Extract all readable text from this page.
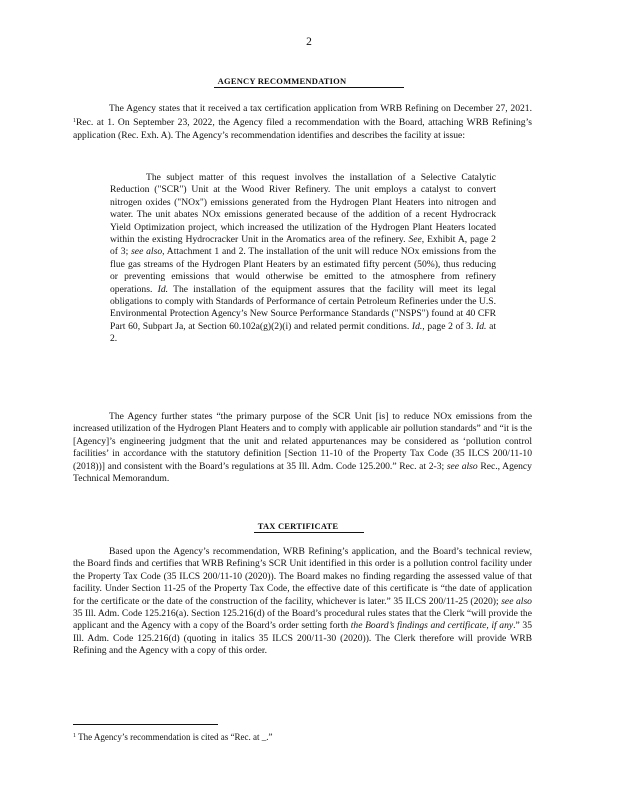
2
AGENCY RECOMMENDATION
The Agency states that it received a tax certification application from WRB Refining on December 27, 2021. $^1$Rec. at 1. On September 23, 2022, the Agency filed a recommendation with the Board, attaching WRB Refining’s application (Rec. Exh. A). The Agency’s recommendation identifies and describes the facility at issue:
The subject matter of this request involves the installation of a Selective Catalytic Reduction ("SCR") Unit at the Wood River Refinery. The unit employs a catalyst to convert nitrogen oxides ("NOx") emissions generated from the Hydrogen Plant Heaters into nitrogen and water. The unit abates NOx emissions generated because of the addition of a recent Hydrocrack Yield Optimization project, which increased the utilization of the Hydrogen Plant Heaters located within the existing Hydrocracker Unit in the Aromatics area of the refinery. See, Exhibit A, page 2 of 3; see also, Attachment 1 and 2. The installation of the unit will reduce NOx emissions from the flue gas streams of the Hydrogen Plant Heaters by an estimated fifty percent (50%), thus reducing or preventing emissions that would otherwise be emitted to the atmosphere from refinery operations. Id. The installation of the equipment assures that the facility will meet its legal obligations to comply with Standards of Performance of certain Petroleum Refineries under the U.S. Environmental Protection Agency’s New Source Performance Standards ("NSPS") found at 40 CFR Part 60, Subpart Ja, at Section 60.102a(g)(2)(i) and related permit conditions. Id., page 2 of 3. Id. at 2.
The Agency further states “the primary purpose of the SCR Unit [is] to reduce NOx emissions from the increased utilization of the Hydrogen Plant Heaters and to comply with applicable air pollution standards” and “it is the [Agency]’s engineering judgment that the unit and related appurtenances may be considered as ‘pollution control facilities’ in accordance with the statutory definition [Section 11-10 of the Property Tax Code (35 ILCS 200/11-10 (2018))] and consistent with the Board’s regulations at 35 Ill. Adm. Code 125.200.” Rec. at 2-3; see also Rec., Agency Technical Memorandum.
TAX CERTIFICATE
Based upon the Agency’s recommendation, WRB Refining’s application, and the Board’s technical review, the Board finds and certifies that WRB Refining’s SCR Unit identified in this order is a pollution control facility under the Property Tax Code (35 ILCS 200/11-10 (2020)). The Board makes no finding regarding the assessed value of that facility. Under Section 11-25 of the Property Tax Code, the effective date of this certificate is “the date of application for the certificate or the date of the construction of the facility, whichever is later.” 35 ILCS 200/11-25 (2020); see also 35 Ill. Adm. Code 125.216(a). Section 125.216(d) of the Board’s procedural rules states that the Clerk “will provide the applicant and the Agency with a copy of the Board’s order setting forth the Board’s findings and certificate, if any.” 35 Ill. Adm. Code 125.216(d) (quoting in italics 35 ILCS 200/11-30 (2020)). The Clerk therefore will provide WRB Refining and the Agency with a copy of this order.
$^1$ The Agency’s recommendation is cited as “Rec. at _.”
